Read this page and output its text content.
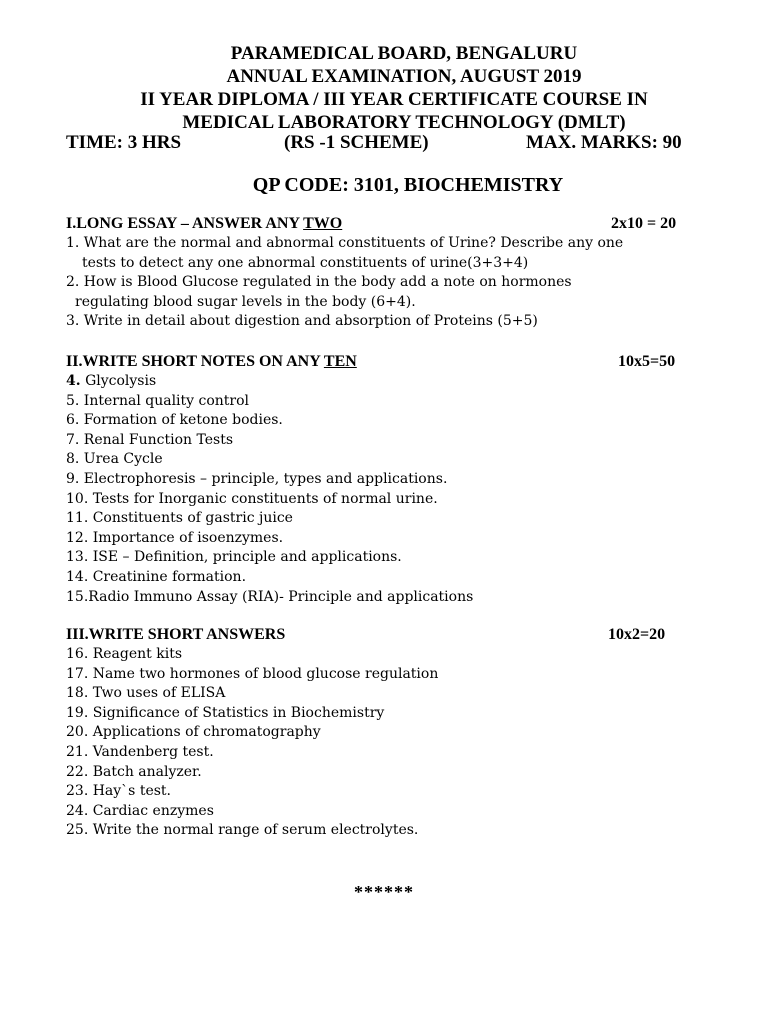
PARAMEDICAL BOARD, BENGALURU
ANNUAL EXAMINATION, AUGUST 2019
II YEAR DIPLOMA / III YEAR CERTIFICATE COURSE IN
MEDICAL LABORATORY TECHNOLOGY (DMLT)
TIME: 3 HRS	(RS -1 SCHEME)	MAX. MARKS: 90
QP CODE: 3101, BIOCHEMISTRY
I.LONG ESSAY – ANSWER ANY TWO	2x10 = 20
1. What are the normal and abnormal constituents of Urine? Describe any one
tests to detect any one abnormal constituents of urine(3+3+4)
2. How is Blood Glucose regulated in the body add a note on hormones
regulating blood sugar levels in the body (6+4).
3. Write in detail about digestion and absorption of Proteins (5+5)
II.WRITE SHORT NOTES ON ANY TEN	10x5=50
4. Glycolysis
5. Internal quality control
6. Formation of ketone bodies.
7. Renal Function Tests
8. Urea Cycle
9. Electrophoresis – principle, types and applications.
10. Tests for Inorganic constituents of normal urine.
11. Constituents of gastric juice
12. Importance of isoenzymes.
13. ISE – Definition, principle and applications.
14. Creatinine formation.
15.Radio Immuno Assay (RIA)- Principle and applications
III.WRITE SHORT ANSWERS	10x2=20
16. Reagent kits
17. Name two hormones of blood glucose regulation
18. Two uses of ELISA
19. Significance of Statistics in Biochemistry
20. Applications of chromatography
21. Vandenberg test.
22. Batch analyzer.
23. Hay`s test.
24. Cardiac enzymes
25. Write the normal range of serum electrolytes.
******
